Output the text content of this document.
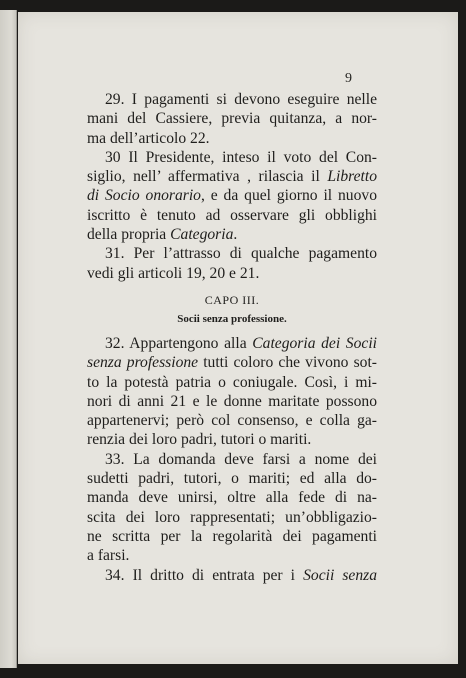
9
29. I pagamenti si devono eseguire nelle
mani del Cassiere, previa quitanza, a nor-
ma dell’articolo 22.
30 Il Presidente, inteso il voto del Con-
siglio, nell’ affermativa , rilascia il Libretto
di Socio onorario, e da quel giorno il nuovo
iscritto è tenuto ad osservare gli obblighi
della propria Categoria.
31. Per l’attrasso di qualche pagamento
vedi gli articoli 19, 20 e 21.
CAPO III.
Socii senza professione.
32. Appartengono alla Categoria dei Socii
senza professione tutti coloro che vivono sot-
to la potestà patria o coniugale. Così, i mi-
nori di anni 21 e le donne maritate possono
appartenervi; però col consenso, e colla ga-
renzia dei loro padri, tutori o mariti.
33. La domanda deve farsi a nome dei
sudetti padri, tutori, o mariti; ed alla do-
manda deve unirsi, oltre alla fede di na-
scita dei loro rappresentati; un’obbligazio-
ne scritta per la regolarità dei pagamenti
a farsi.
34. Il dritto di entrata per i Socii senza
